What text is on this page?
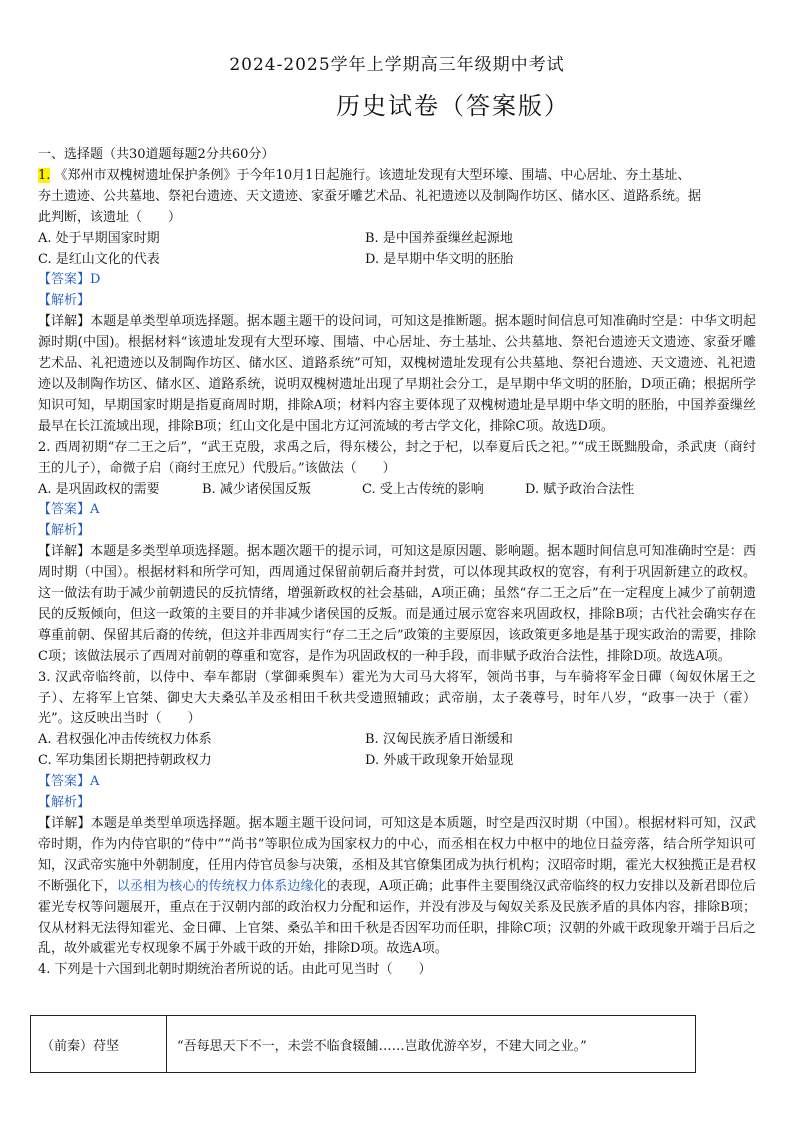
2024-2025学年上学期高三年级期中考试
历史试卷（答案版）
一、选择题（共30道题每题2分共60分）
1. 《郑州市双槐树遗址保护条例》于今年10月1日起施行。该遗址发现有大型环壕、围墙、中心居址、夯土基址、
夯土遗迹、公共墓地、祭祀台遗迹、天文遗迹、家蚕牙雕艺术品、礼祀遗迹以及制陶作坊区、储水区、道路系统。据
此判断，该遗址（　　）
A. 处于早期国家时期	B. 是中国养蚕缫丝起源地
C. 是红山文化的代表	D. 是早期中华文明的胚胎
【答案】D
【解析】
【详解】本题是单类型单项选择题。据本题主题干的设问词，可知这是推断题。据本题时间信息可知准确时空是：中华文明起源时期(中国)。根据材料“该遗址发现有大型环壕、围墙、中心居址、夯土基址、公共墓地、祭祀台遗迹天文遗迹、家蚕牙雕艺术品、礼祀遗迹以及制陶作坊区、储水区、道路系统”可知，双槐树遗址发现有公共墓地、祭祀台遗迹、天文遗迹、礼祀遗迹以及制陶作坊区、储水区、道路系统，说明双槐树遗址出现了早期社会分工，是早期中华文明的胚胎，D项正确；根据所学知识可知，早期国家时期是指夏商周时期，排除A项；材料内容主要体现了双槐树遗址是早期中华文明的胚胎，中国养蚕缫丝最早在长江流域出现，排除B项；红山文化是中国北方辽河流域的考古学文化，排除C项。故选D项。
2. 西周初期“存二王之后”，“武王克殷，求禹之后，得东楼公，封之于杞，以奉夏后氏之祀。”“成王既黜殷命，杀武庚（商纣王的儿子），命微子启（商纣王庶兄）代殷后。”该做法（　　）
A. 是巩固政权的需要	B. 减少诸侯国反叛	C. 受上古传统的影响	D. 赋予政治合法性
【答案】A
【解析】
【详解】本题是多类型单项选择题。据本题次题干的提示词，可知这是原因题、影响题。据本题时间信息可知准确时空是：西周时期（中国）。根据材料和所学可知，西周通过保留前朝后裔并封赏，可以体现其政权的宽容，有利于巩固新建立的政权。这一做法有助于减少前朝遗民的反抗情绪，增强新政权的社会基础，A项正确；虽然“存二王之后”在一定程度上减少了前朝遗民的反叛倾向，但这一政策的主要目的并非减少诸侯国的反叛。而是通过展示宽容来巩固政权，排除B项；古代社会确实存在尊重前朝、保留其后裔的传统，但这并非西周实行“存二王之后”政策的主要原因，该政策更多地是基于现实政治的需要，排除C项；该做法展示了西周对前朝的尊重和宽容，是作为巩固政权的一种手段，而非赋予政治合法性，排除D项。故选A项。
3. 汉武帝临终前，以侍中、奉车都尉（掌御乘舆车）霍光为大司马大将军，领尚书事，与车骑将军金日磾（匈奴休屠王之子）、左将军上官桀、御史大夫桑弘羊及丞相田千秋共受遗照辅政；武帝崩，太子袭尊号，时年八岁，“政事一决于（霍）光”。这反映出当时（　　）
A. 君权强化冲击传统权力体系	B. 汉匈民族矛盾日渐缓和
C. 军功集团长期把持朝政权力	D. 外戚干政现象开始显现
【答案】A
【解析】
【详解】本题是单类型单项选择题。据本题主题干设问词，可知这是本质题，时空是西汉时期（中国）。根据材料可知，汉武帝时期，作为内侍官职的“侍中”“尚书”等职位成为国家权力的中心，而丞相在权力中枢中的地位日益旁落，结合所学知识可知，汉武帝实施中外朝制度，任用内侍官员参与决策，丞相及其官僚集团成为执行机构；汉昭帝时期，霍光大权独揽正是君权不断强化下，以丞相为核心的传统权力体系边缘化的表现，A项正确；此事件主要围绕汉武帝临终的权力安排以及新君即位后霍光专权等问题展开，重点在于汉朝内部的政治权力分配和运作，并没有涉及与匈奴关系及民族矛盾的具体内容，排除B项；仅从材料无法得知霍光、金日磾、上官桀、桑弘羊和田千秋是否因军功而任职，排除C项；汉朝的外戚干政现象开端于吕后之乱，故外戚霍光专权现象不属于外戚干政的开始，排除D项。故选A项。
4. 下列是十六国到北朝时期统治者所说的话。由此可见当时（　　）
（前秦）苻坚	“吾每思天下不一，未尝不临食辍餔……岂敢优游卒岁，不建大同之业。”
